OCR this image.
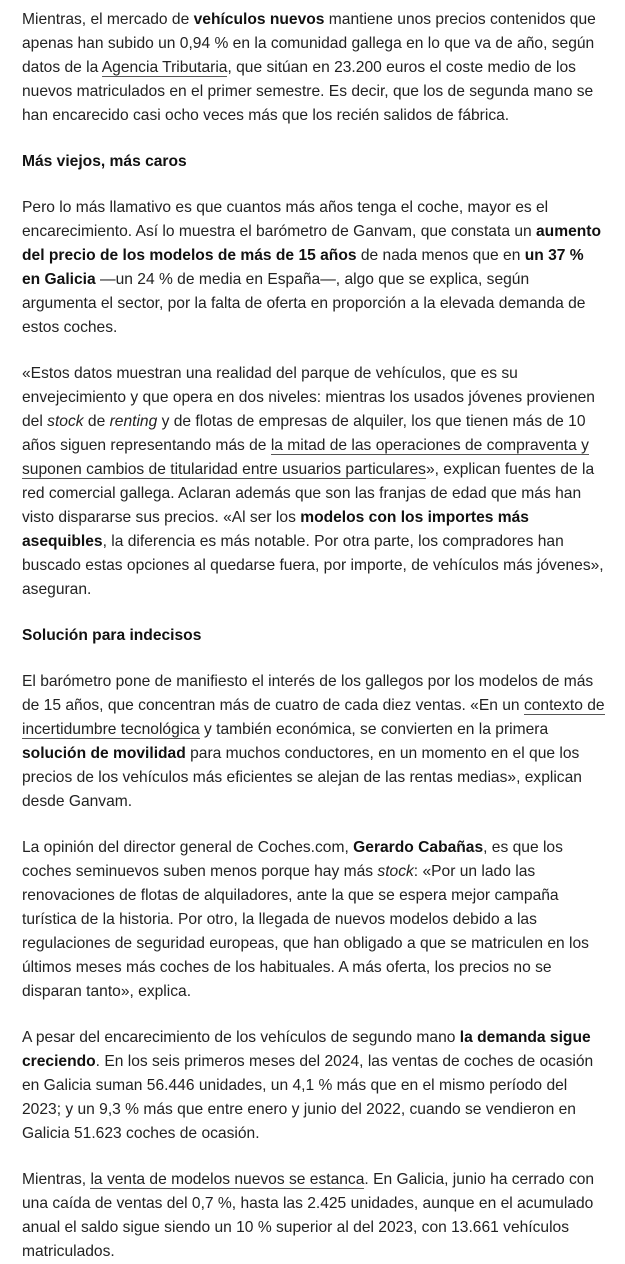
Mientras, el mercado de vehículos nuevos mantiene unos precios contenidos que apenas han subido un 0,94 % en la comunidad gallega en lo que va de año, según datos de la Agencia Tributaria, que sitúan en 23.200 euros el coste medio de los nuevos matriculados en el primer semestre. Es decir, que los de segunda mano se han encarecido casi ocho veces más que los recién salidos de fábrica.

Más viejos, más caros

Pero lo más llamativo es que cuantos más años tenga el coche, mayor es el encarecimiento. Así lo muestra el barómetro de Ganvam, que constata un aumento del precio de los modelos de más de 15 años de nada menos que en un 37 % en Galicia —un 24 % de media en España—, algo que se explica, según argumenta el sector, por la falta de oferta en proporción a la elevada demanda de estos coches.

«Estos datos muestran una realidad del parque de vehículos, que es su envejecimiento y que opera en dos niveles: mientras los usados jóvenes provienen del stock de renting y de flotas de empresas de alquiler, los que tienen más de 10 años siguen representando más de la mitad de las operaciones de compraventa y suponen cambios de titularidad entre usuarios particulares», explican fuentes de la red comercial gallega. Aclaran además que son las franjas de edad que más han visto dispararse sus precios. «Al ser los modelos con los importes más asequibles, la diferencia es más notable. Por otra parte, los compradores han buscado estas opciones al quedarse fuera, por importe, de vehículos más jóvenes», aseguran.

Solución para indecisos

El barómetro pone de manifiesto el interés de los gallegos por los modelos de más de 15 años, que concentran más de cuatro de cada diez ventas. «En un contexto de incertidumbre tecnológica y también económica, se convierten en la primera solución de movilidad para muchos conductores, en un momento en el que los precios de los vehículos más eficientes se alejan de las rentas medias», explican desde Ganvam.

La opinión del director general de Coches.com, Gerardo Cabañas, es que los coches seminuevos suben menos porque hay más stock: «Por un lado las renovaciones de flotas de alquiladores, ante la que se espera mejor campaña turística de la historia. Por otro, la llegada de nuevos modelos debido a las regulaciones de seguridad europeas, que han obligado a que se matriculen en los últimos meses más coches de los habituales. A más oferta, los precios no se disparan tanto», explica.

A pesar del encarecimiento de los vehículos de segundo mano la demanda sigue creciendo. En los seis primeros meses del 2024, las ventas de coches de ocasión en Galicia suman 56.446 unidades, un 4,1 % más que en el mismo período del 2023; y un 9,3 % más que entre enero y junio del 2022, cuando se vendieron en Galicia 51.623 coches de ocasión.

Mientras, la venta de modelos nuevos se estanca. En Galicia, junio ha cerrado con una caída de ventas del 0,7 %, hasta las 2.425 unidades, aunque en el acumulado anual el saldo sigue siendo un 10 % superior al del 2023, con 13.661 vehículos matriculados.
